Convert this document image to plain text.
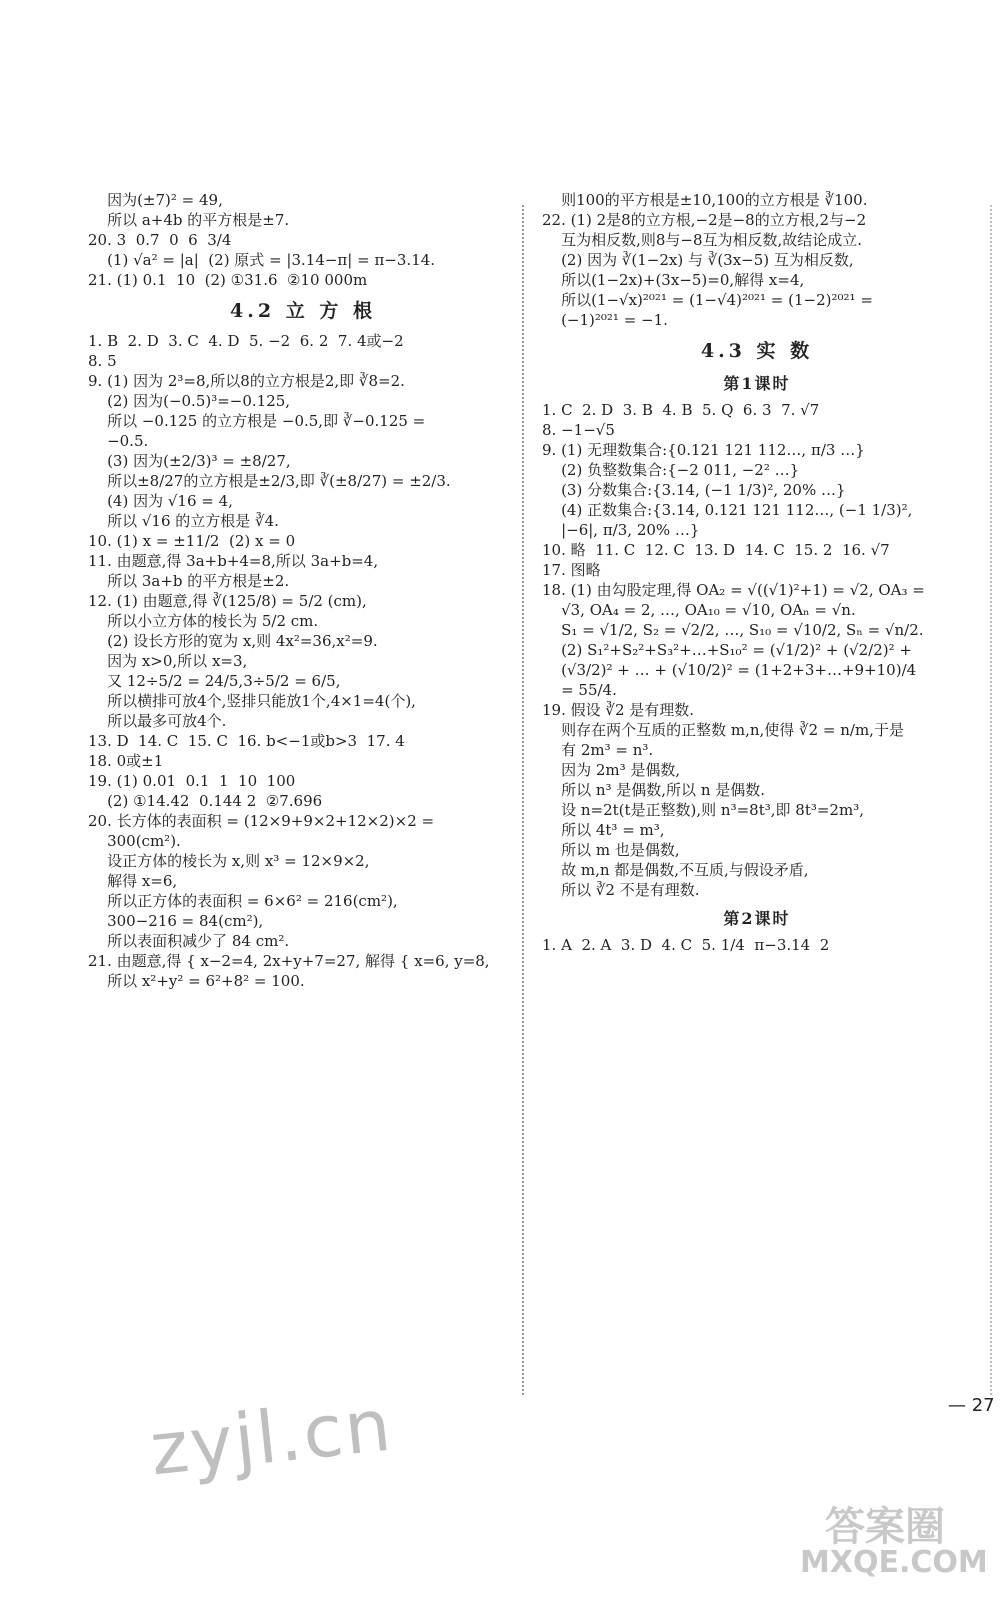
因为(±7)² = 49,

所以 a+4b 的平方根是±7.

20. 3  0.7  0  6  3/4

(1) √a² = |a|  (2) 原式 = |3.14−π| = π−3.14.

21. (1) 0.1  10  (2) ①31.6  ②10 000m

4.2 立 方 根

1. B  2. D  3. C  4. D  5. −2  6. 2  7. 4或−2

8. 5

9. (1) 因为 2³=8,所以8的立方根是2,即 ∛8=2.

(2) 因为(−0.5)³=−0.125,

所以 −0.125 的立方根是 −0.5,即 ∛−0.125 =

−0.5.

(3) 因为(±2/3)³ = ±8/27,

所以±8/27的立方根是±2/3,即 ∛(±8/27) = ±2/3.

(4) 因为 √16 = 4,

所以 √16 的立方根是 ∛4.

10. (1) x = ±11/2  (2) x = 0

11. 由题意,得 3a+b+4=8,所以 3a+b=4,

所以 3a+b 的平方根是±2.

12. (1) 由题意,得 ∛(125/8) = 5/2 (cm),

所以小立方体的棱长为 5/2 cm.

(2) 设长方形的宽为 x,则 4x²=36,x²=9.

因为 x>0,所以 x=3,

又 12÷5/2 = 24/5,3÷5/2 = 6/5,

所以横排可放4个,竖排只能放1个,4×1=4(个),

所以最多可放4个.

13. D  14. C  15. C  16. b<−1或b>3  17. 4

18. 0或±1

19. (1) 0.01  0.1  1  10  100

(2) ①14.42  0.144 2  ②7.696

20. 长方体的表面积 = (12×9+9×2+12×2)×2 =

300(cm²).

设正方体的棱长为 x,则 x³ = 12×9×2,

解得 x=6,

所以正方体的表面积 = 6×6² = 216(cm²),

300−216 = 84(cm²),

所以表面积减少了 84 cm².

21. 由题意,得 { x−2=4, 2x+y+7=27, 解得 { x=6, y=8,

所以 x²+y² = 6²+8² = 100.

则100的平方根是±10,100的立方根是 ∛100.

22. (1) 2是8的立方根,−2是−8的立方根,2与−2

互为相反数,则8与−8互为相反数,故结论成立.

(2) 因为 ∛(1−2x) 与 ∛(3x−5) 互为相反数,

所以(1−2x)+(3x−5)=0,解得 x=4,

所以(1−√x)²⁰²¹ = (1−√4)²⁰²¹ = (1−2)²⁰²¹ =

(−1)²⁰²¹ = −1.

4.3 实 数
第1课时

1. C  2. D  3. B  4. B  5. Q  6. 3  7. √7

8. −1−√5

9. (1) 无理数集合:{0.121 121 112…, π/3 …}

(2) 负整数集合:{−2 011, −2² …}

(3) 分数集合:{3.14, (−1 1/3)², 20% …}

(4) 正数集合:{3.14, 0.121 121 112…, (−1 1/3)²,

|−6|, π/3, 20% …}

10. 略  11. C  12. C  13. D  14. C  15. 2  16. √7

17. 图略

18. (1) 由勾股定理,得 OA₂ = √((√1)²+1) = √2, OA₃ =

√3, OA₄ = 2, …, OA₁₀ = √10, OAₙ = √n.

S₁ = √1/2, S₂ = √2/2, …, S₁₀ = √10/2, Sₙ = √n/2.

(2) S₁²+S₂²+S₃²+…+S₁₀² = (√1/2)² + (√2/2)² +

(√3/2)² + … + (√10/2)² = (1+2+3+…+9+10)/4

= 55/4.

19. 假设 ∛2 是有理数.

则存在两个互质的正整数 m,n,使得 ∛2 = n/m,于是

有 2m³ = n³.

因为 2m³ 是偶数,

所以 n³ 是偶数,所以 n 是偶数.

设 n=2t(t是正整数),则 n³=8t³,即 8t³=2m³,

所以 4t³ = m³,

所以 m 也是偶数,

故 m,n 都是偶数,不互质,与假设矛盾,

所以 ∛2 不是有理数.

第2课时

1. A  2. A  3. D  4. C  5. 1/4  π−3.14  2

— 27
zyjl.cn
答案圈
MXQE.COM
